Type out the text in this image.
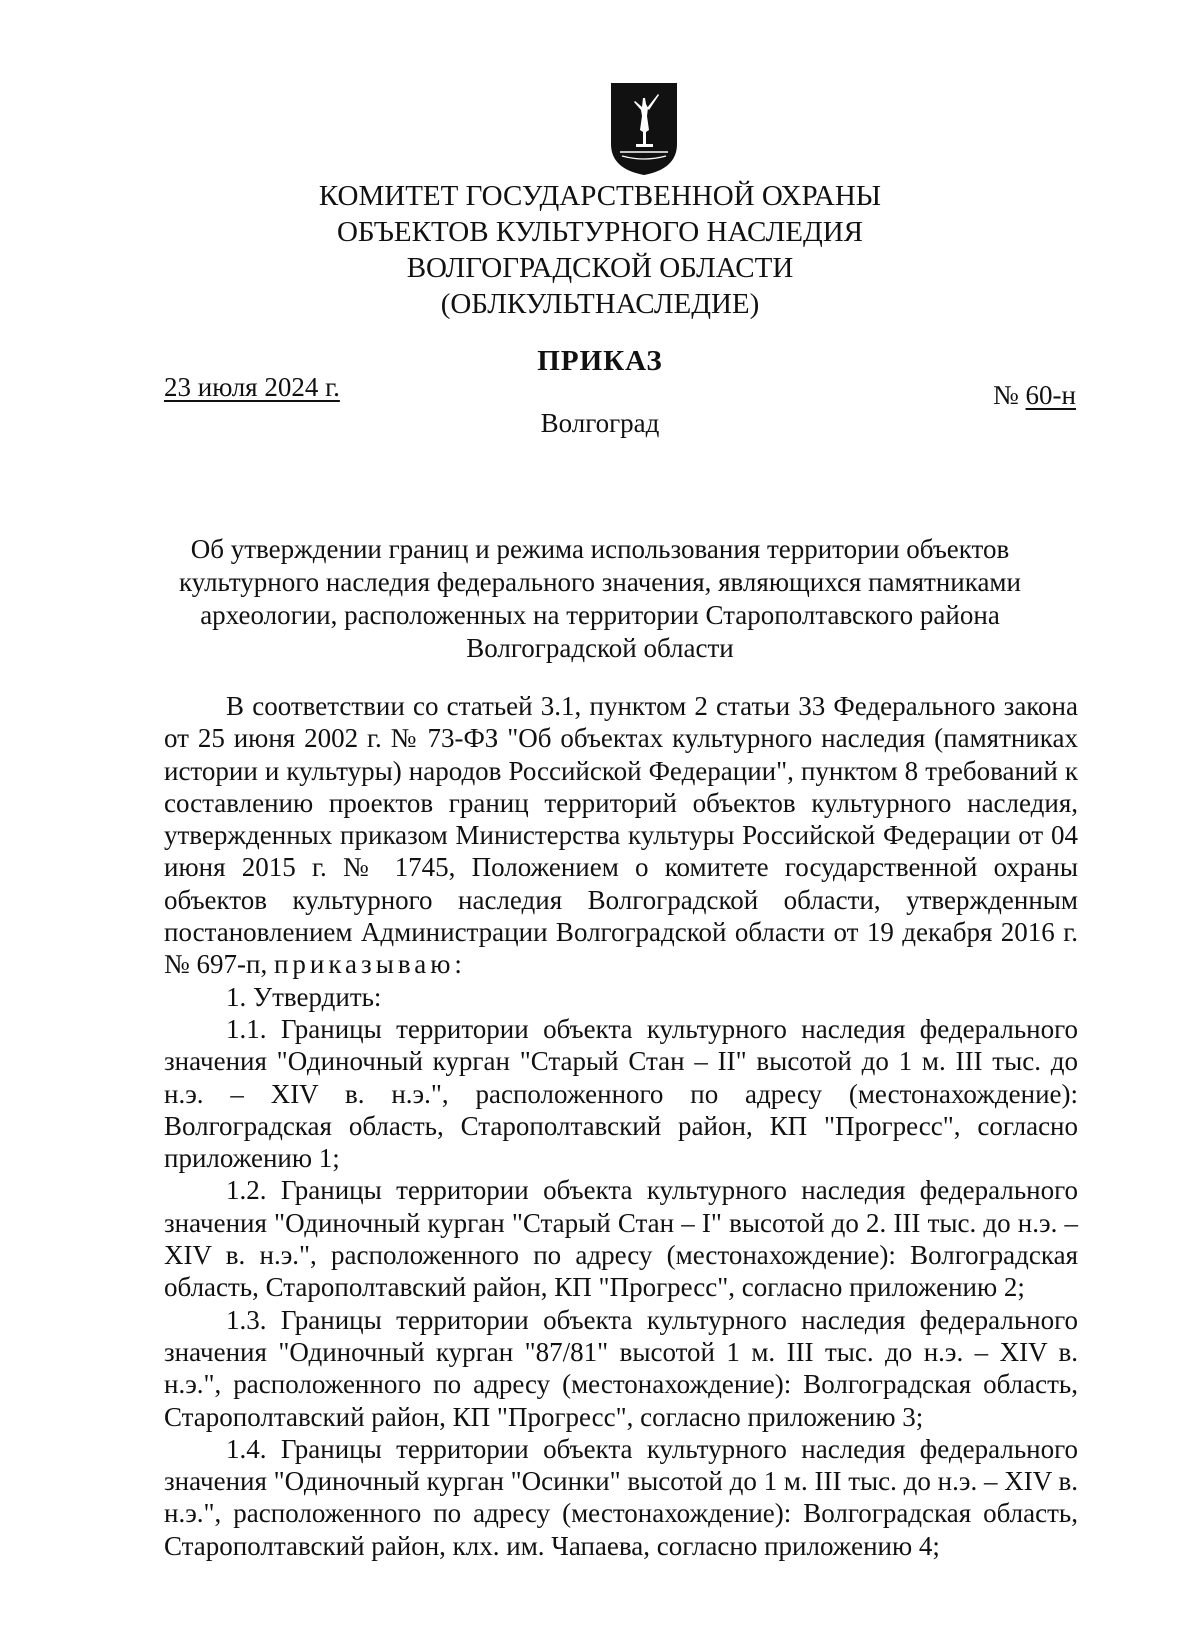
КОМИТЕТ ГОСУДАРСТВЕННОЙ ОХРАНЫ
ОБЪЕКТОВ КУЛЬТУРНОГО НАСЛЕДИЯ
ВОЛГОГРАДСКОЙ ОБЛАСТИ
(ОБЛКУЛЬТНАСЛЕДИЕ)
ПРИКАЗ
23 июля 2024 г.	№ 60-н
Волгоград
Об утверждении границ и режима использования территории объектов культурного наследия федерального значения, являющихся памятниками археологии, расположенных на территории Старополтавского района Волгоградской области

В соответствии со статьей 3.1, пунктом 2 статьи 33 Федерального закона от 25 июня 2002 г. № 73-ФЗ "Об объектах культурного наследия (памятниках истории и культуры) народов Российской Федерации", пунктом 8 требований к составлению проектов границ территорий объектов культурного наследия, утвержденных приказом Министерства культуры Российской Федерации от 04 июня 2015 г. № 1745, Положением о комитете государственной охраны объектов культурного наследия Волгоградской области, утвержденным постановлением Администрации Волгоградской области от 19 декабря 2016 г. № 697-п, приказываю:

1. Утвердить:

1.1. Границы территории объекта культурного наследия федерального значения "Одиночный курган "Старый Стан – II" высотой до 1 м. III тыс. до н.э. – XIV в. н.э.", расположенного по адресу (местонахождение): Волгоградская область, Старополтавский район, КП "Прогресс", согласно приложению 1;

1.2. Границы территории объекта культурного наследия федерального значения "Одиночный курган "Старый Стан – I" высотой до 2. III тыс. до н.э. – XIV в. н.э.", расположенного по адресу (местонахождение): Волгоградская область, Старополтавский район, КП "Прогресс", согласно приложению 2;

1.3. Границы территории объекта культурного наследия федерального значения "Одиночный курган "87/81" высотой 1 м. III тыс. до н.э. – XIV в. н.э.", расположенного по адресу (местонахождение): Волгоградская область, Старополтавский район, КП "Прогресс", согласно приложению 3;

1.4. Границы территории объекта культурного наследия федерального значения "Одиночный курган "Осинки" высотой до 1 м. III тыс. до н.э. – XIV в. н.э.", расположенного по адресу (местонахождение): Волгоградская область, Старополтавский район, клх. им. Чапаева, согласно приложению 4;
